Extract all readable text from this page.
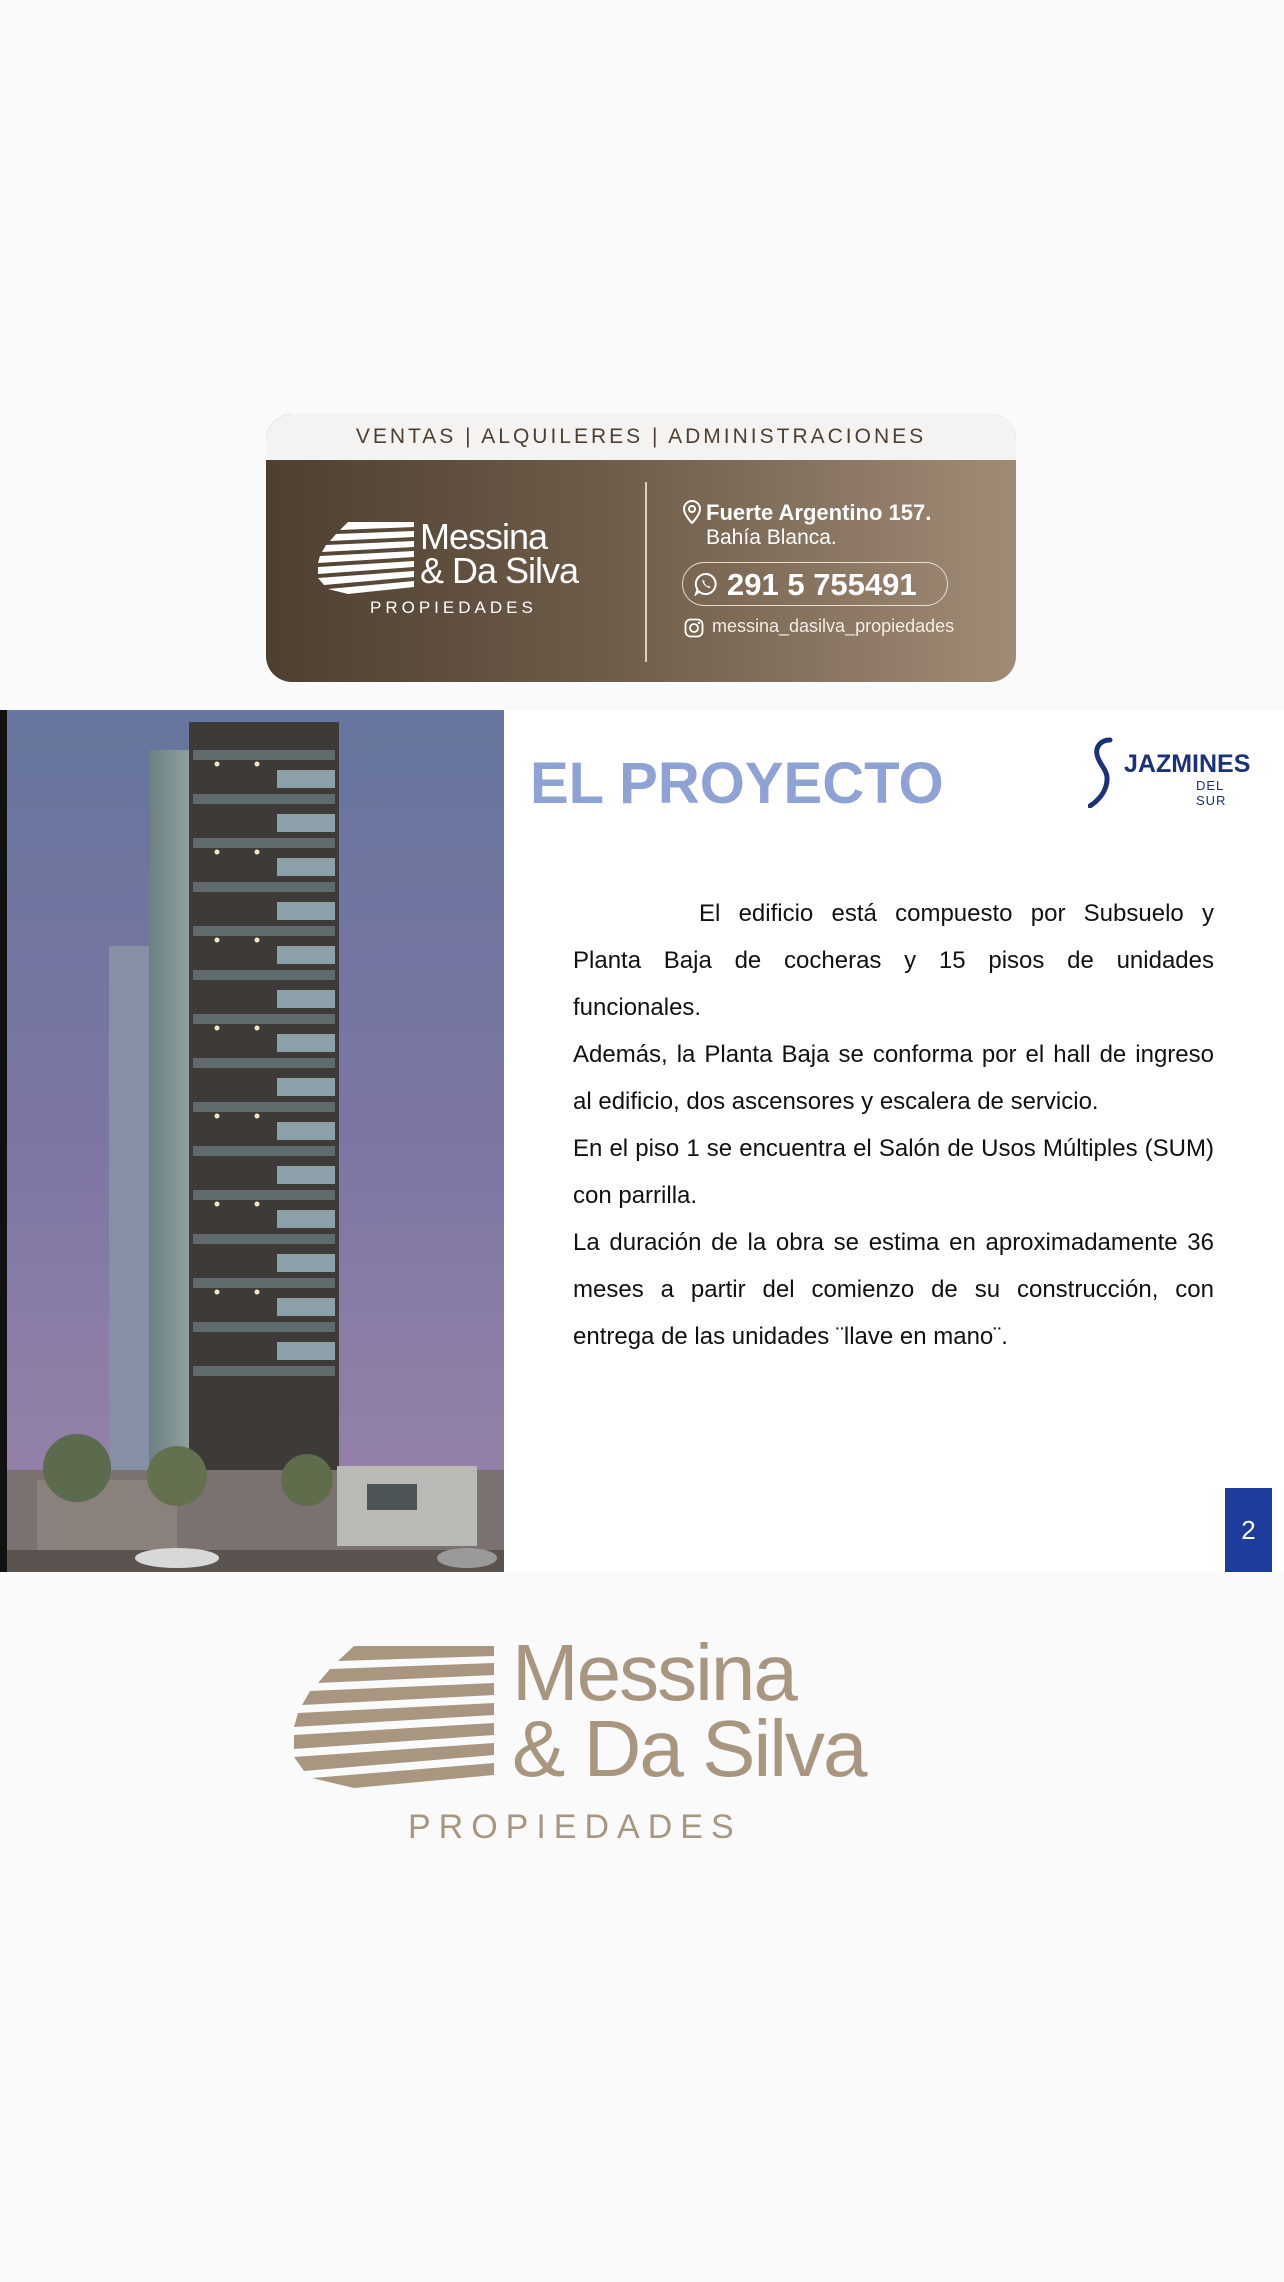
VENTAS | ALQUILERES | ADMINISTRACIONES
Messina
& Da Silva
PROPIEDADES
Fuerte Argentino 157.
Bahía Blanca.
291 5 755491
messina_dasilva_propiedades
EL PROYECTO	JAZMINES
DEL SUR

El edificio está compuesto por Subsuelo y Planta Baja de cocheras y 15 pisos de unidades funcionales.

Además, la Planta Baja se conforma por el hall de ingreso al edificio, dos ascensores y escalera de servicio.

En el piso 1 se encuentra el Salón de Usos Múltiples (SUM) con parrilla.

La duración de la obra se estima en aproximadamente 36 meses a partir del comienzo de su construcción, con entrega de las unidades ¨llave en mano¨.

2
Messina
& Da Silva
PROPIEDADES
